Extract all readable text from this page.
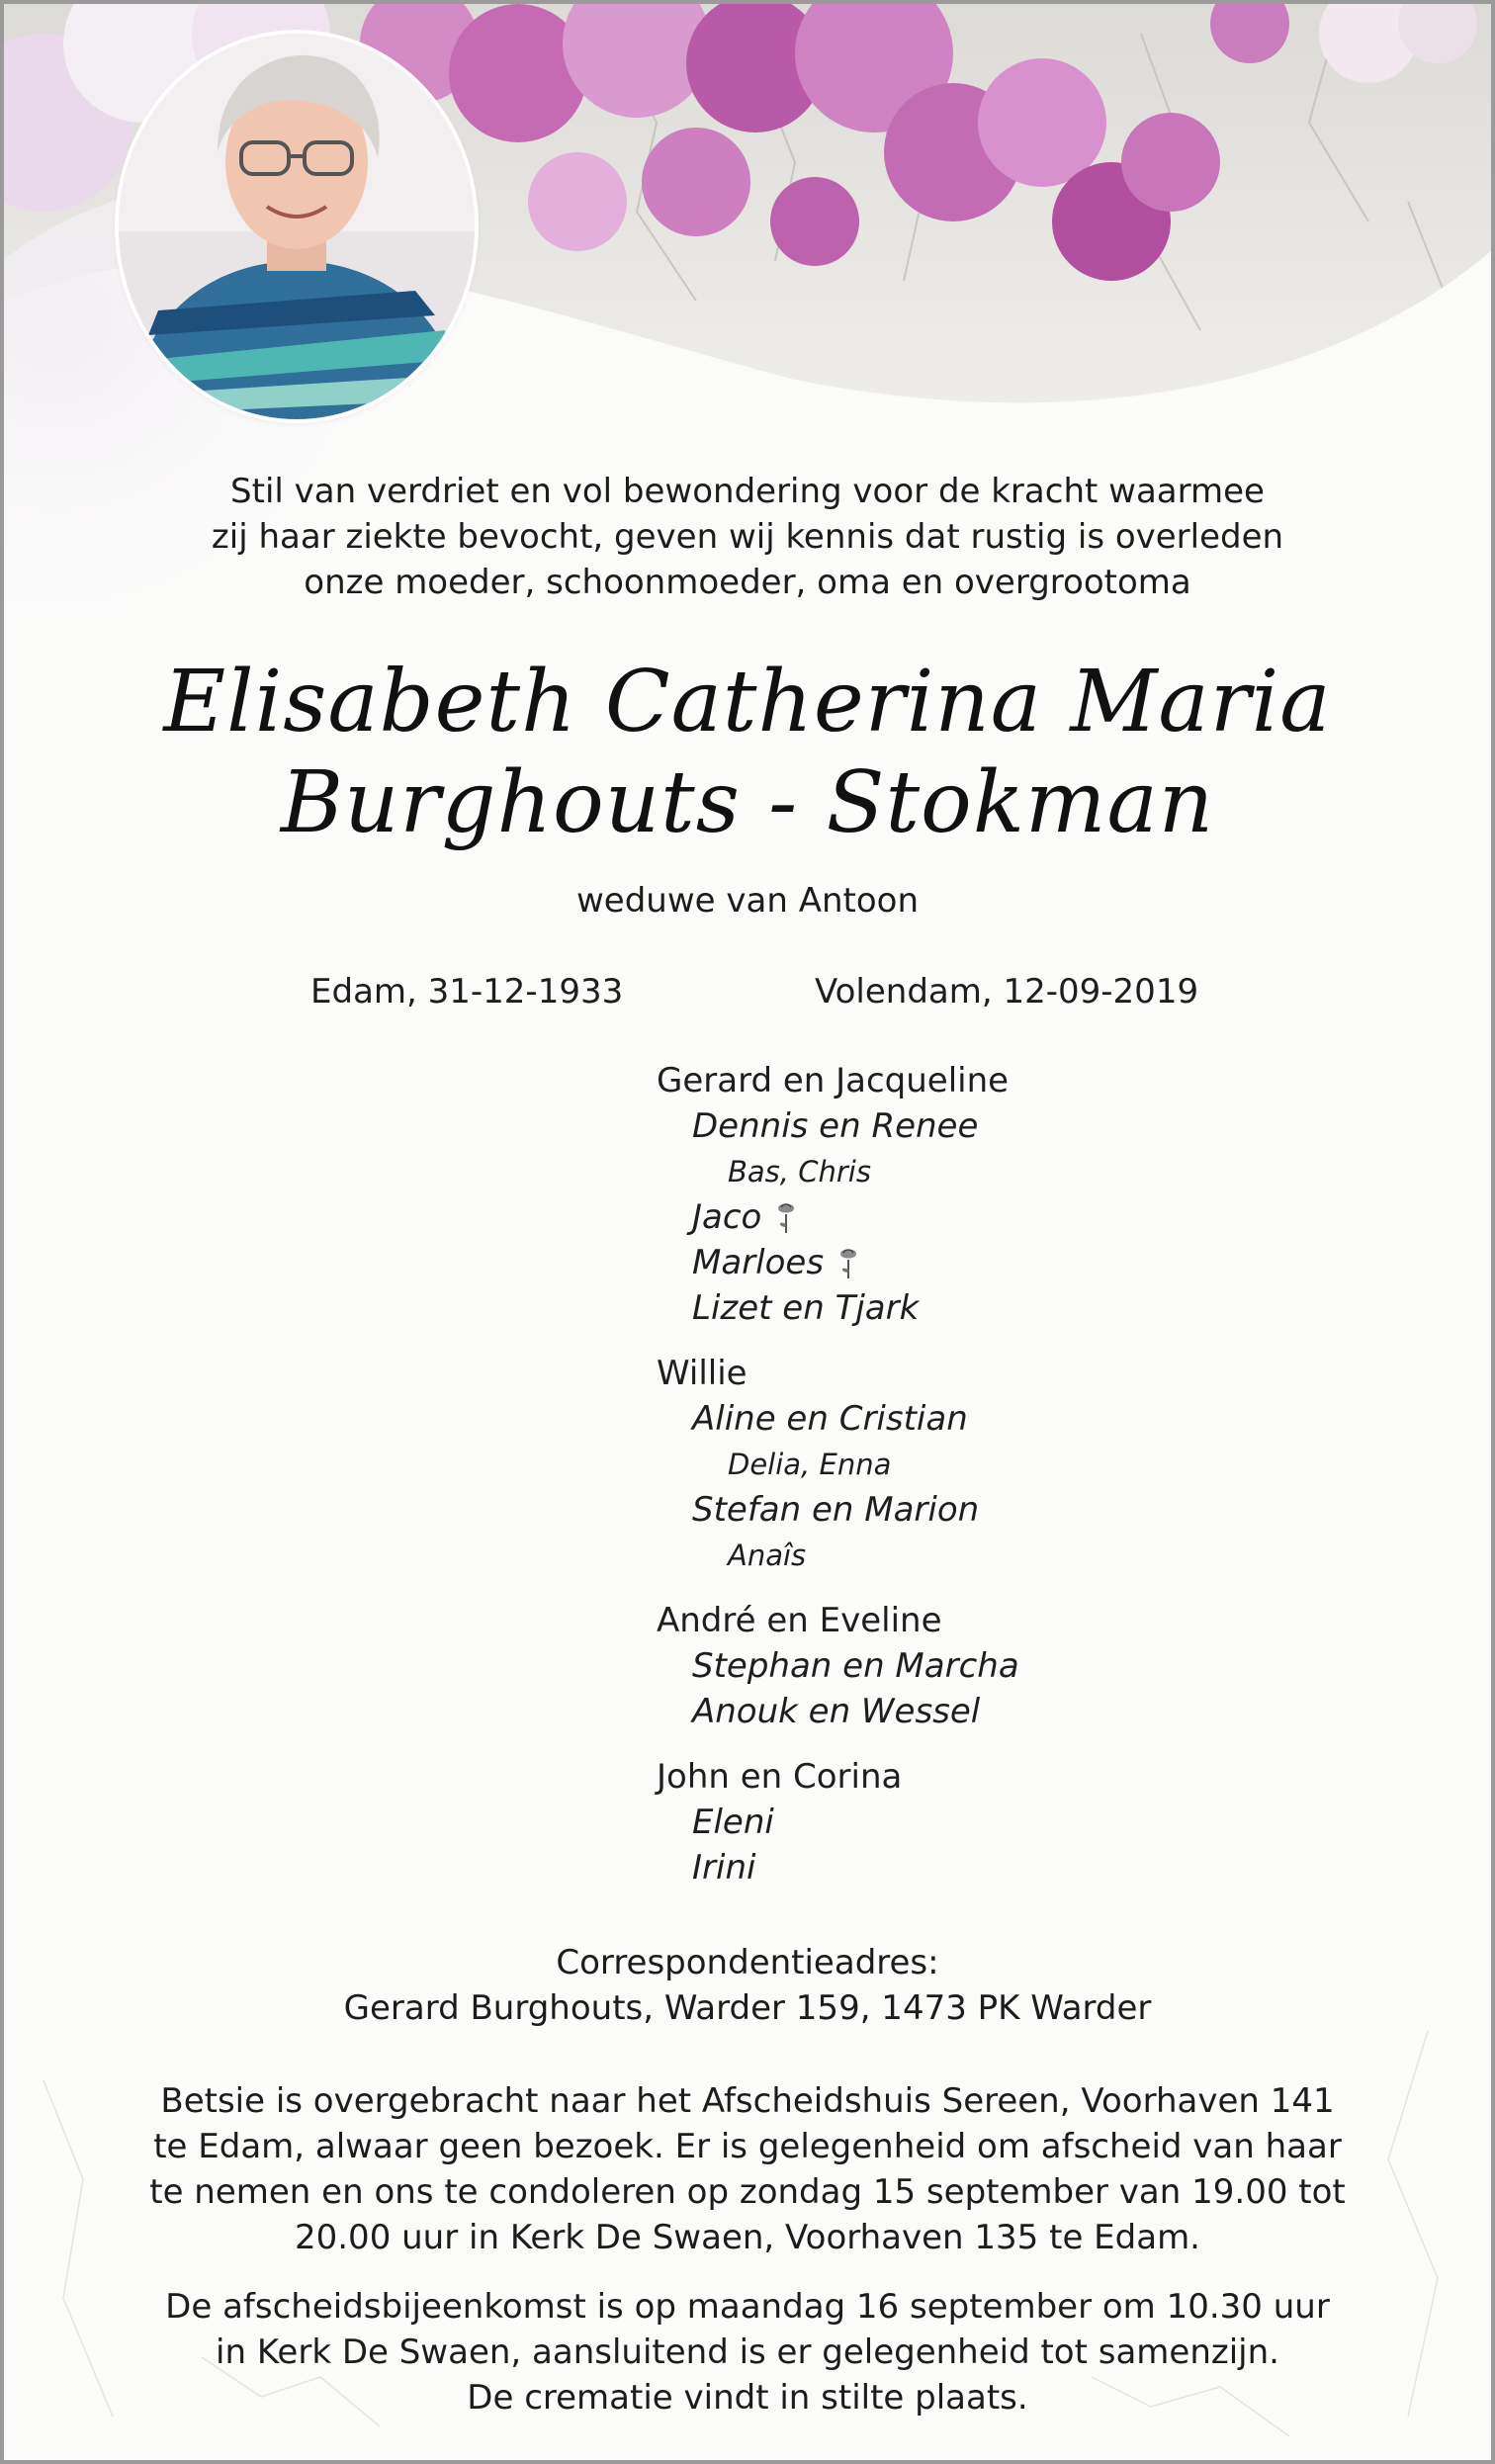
Stil van verdriet en vol bewondering voor de kracht waarmee
zij haar ziekte bevocht, geven wij kennis dat rustig is overleden
onze moeder, schoonmoeder, oma en overgrootoma
Elisabeth Catherina Maria
Burghouts - Stokman
weduwe van Antoon
Edam, 31-12-1933	Volendam, 12-09-2019
Gerard en Jacqueline
Dennis en Renee
Bas, Chris
Jaco
Marloes
Lizet en Tjark
Willie
Aline en Cristian
Delia, Enna
Stefan en Marion
Anaîs
André en Eveline
Stephan en Marcha
Anouk en Wessel
John en Corina
Eleni
Irini
Correspondentieadres:
Gerard Burghouts, Warder 159, 1473 PK Warder
Betsie is overgebracht naar het Afscheidshuis Sereen, Voorhaven 141
te Edam, alwaar geen bezoek. Er is gelegenheid om afscheid van haar
te nemen en ons te condoleren op zondag 15 september van 19.00 tot
20.00 uur in Kerk De Swaen, Voorhaven 135 te Edam.
De afscheidsbijeenkomst is op maandag 16 september om 10.30 uur
in Kerk De Swaen, aansluitend is er gelegenheid tot samenzijn.
De crematie vindt in stilte plaats.
